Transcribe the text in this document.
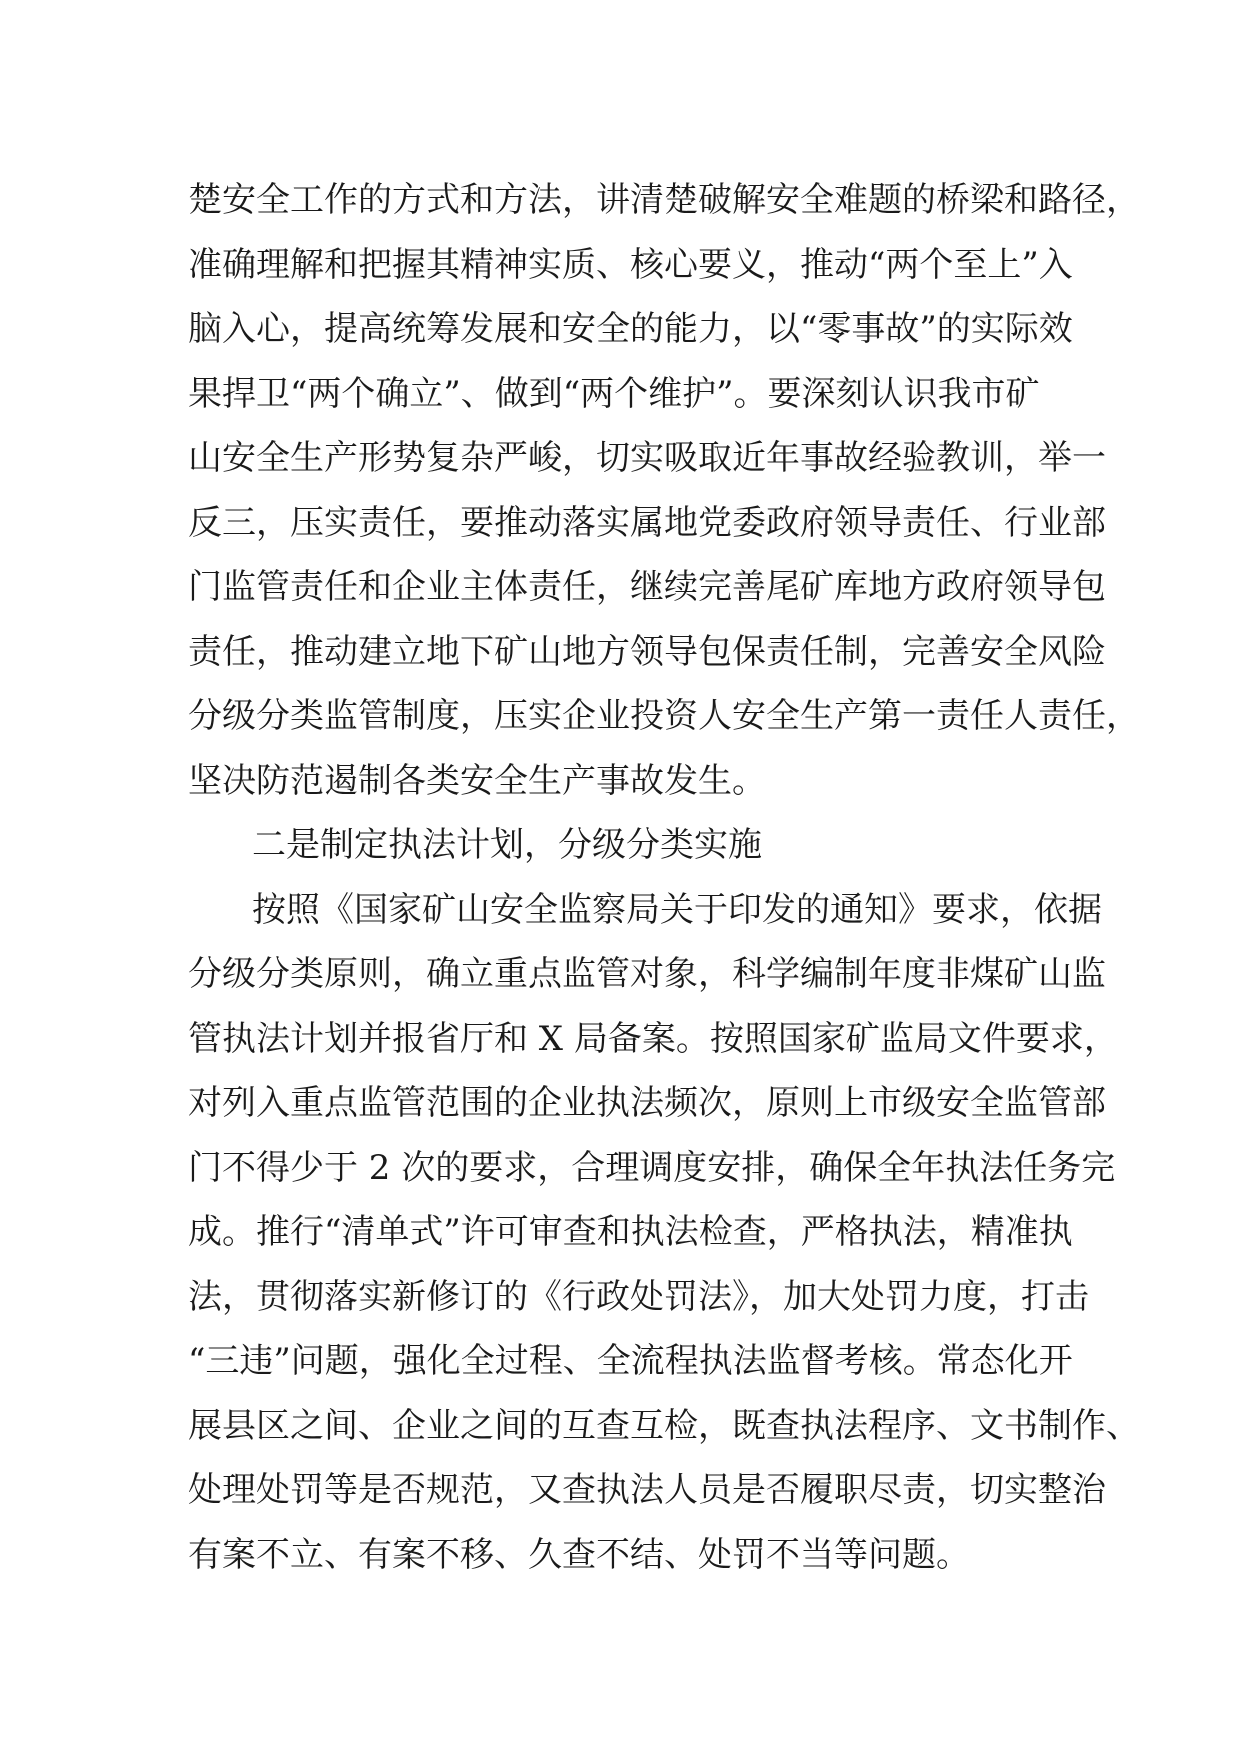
楚安全工作的方式和方法，讲清楚破解安全难题的桥梁和路径，
准确理解和把握其精神实质、核心要义，推动“两个至上”入
脑入心，提高统筹发展和安全的能力，以“零事故”的实际效
果捍卫“两个确立”、做到“两个维护”。要深刻认识我市矿
山安全生产形势复杂严峻，切实吸取近年事故经验教训，举一
反三，压实责任，要推动落实属地党委政府领导责任、行业部
门监管责任和企业主体责任，继续完善尾矿库地方政府领导包
责任，推动建立地下矿山地方领导包保责任制，完善安全风险
分级分类监管制度，压实企业投资人安全生产第一责任人责任，
坚决防范遏制各类安全生产事故发生。
二是制定执法计划，分级分类实施
按照《国家矿山安全监察局关于印发的通知》要求，依据
分级分类原则，确立重点监管对象，科学编制年度非煤矿山监
管执法计划并报省厅和 X 局备案。按照国家矿监局文件要求，
对列入重点监管范围的企业执法频次，原则上市级安全监管部
门不得少于 2 次的要求，合理调度安排，确保全年执法任务完
成。推行“清单式”许可审查和执法检查，严格执法，精准执
法，贯彻落实新修订的《行政处罚法》，加大处罚力度，打击
“三违”问题，强化全过程、全流程执法监督考核。常态化开
展县区之间、企业之间的互查互检，既查执法程序、文书制作、
处理处罚等是否规范，又查执法人员是否履职尽责，切实整治
有案不立、有案不移、久查不结、处罚不当等问题。
